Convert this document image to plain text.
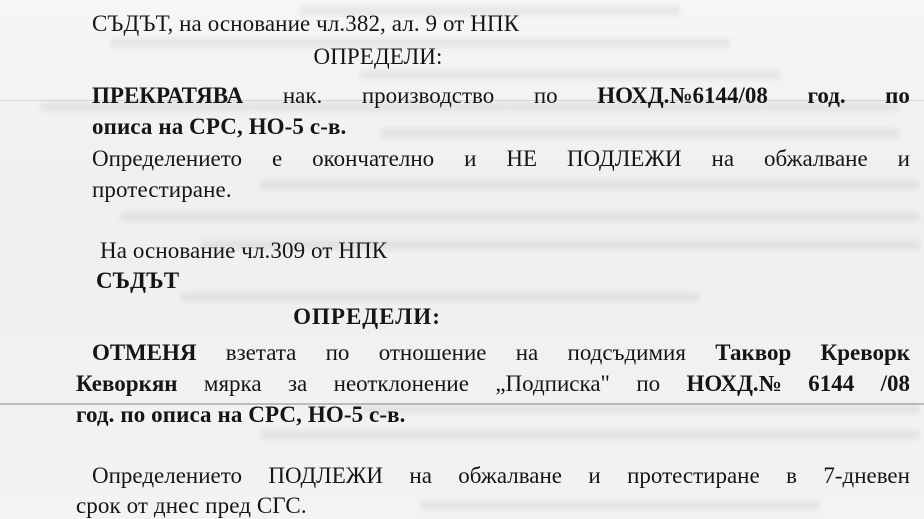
СЪДЪТ, на основание чл.382, ал. 9 от НПК
ОПРЕДЕЛИ:
ПРЕКРАТЯВА нак. производство по НОХД.№6144/08 год. по
описа на СРС, НО-5 с-в.
Определението е окончателно и НЕ ПОДЛЕЖИ на обжалване и
протестиране.
На основание чл.309 от НПК
СЪДЪТ
ОПРЕДЕЛИ:
ОТМЕНЯ взетата по отношение на подсъдимия Таквор Креворк
Кеворкян мярка за неотклонение „Подписка" по НОХД.№ 6144 /08
год. по описа на СРС, НО-5 с-в.
Определението ПОДЛЕЖИ на обжалване и протестиране в 7-дневен
срок от днес пред СГС.
